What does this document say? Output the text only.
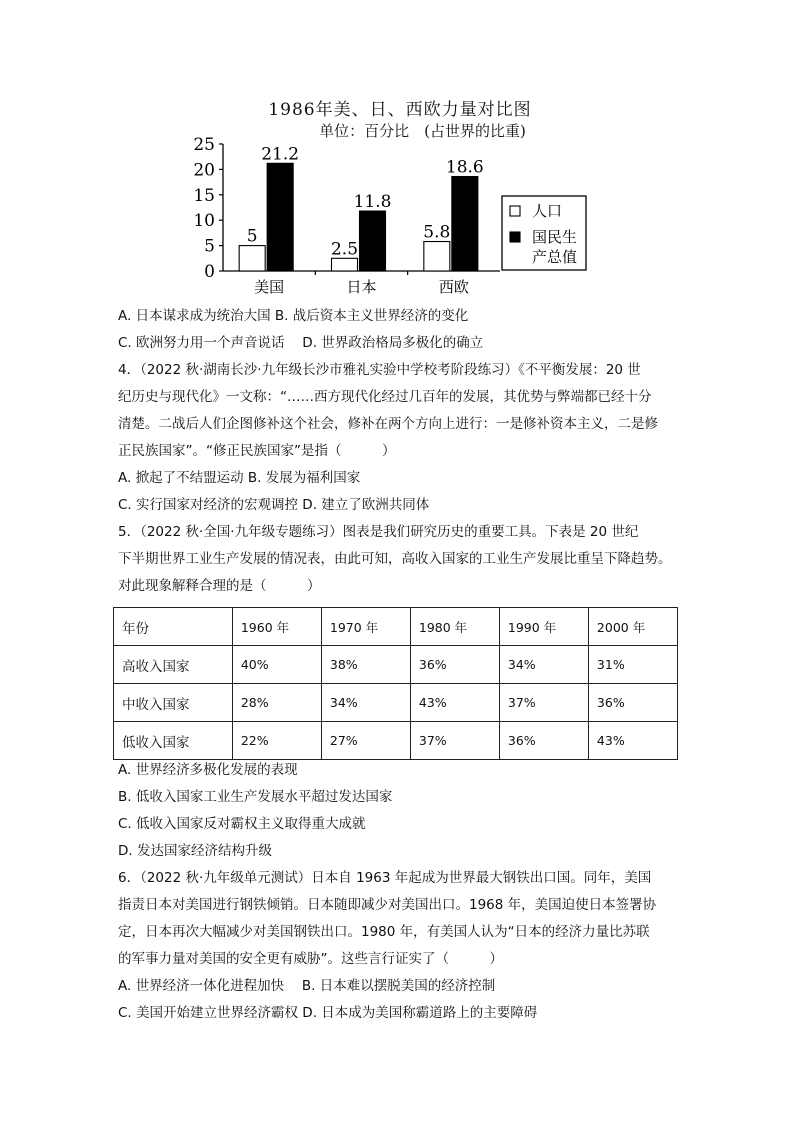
1986年美、日、西欧力量对比图
单位：百分比　(占世界的比重)
0
5
10
15
20
25
5
21.2
美国
2.5
11.8
日本
5.8
18.6
西欧
人口
国民生
产总值
A. 日本谋求成为统治大国 B. 战后资本主义世界经济的变化
C. 欧洲努力用一个声音说话　 D. 世界政治格局多极化的确立
4．（2022 秋·湖南长沙·九年级长沙市雅礼实验中学校考阶段练习）《不平衡发展：20 世
纪历史与现代化》一文称：“……西方现代化经过几百年的发展，其优势与弊端都已经十分
清楚。二战后人们企图修补这个社会，修补在两个方向上进行：一是修补资本主义，二是修
正民族国家”。“修正民族国家”是指（　　　）
A. 掀起了不结盟运动 B. 发展为福利国家
C. 实行国家对经济的宏观调控 D. 建立了欧洲共同体
5．（2022 秋·全国·九年级专题练习）图表是我们研究历史的重要工具。下表是 20 世纪
下半期世界工业生产发展的情况表，由此可知，高收入国家的工业生产发展比重呈下降趋势。
对此现象解释合理的是（　　　）
年份	1960 年	1970 年	1980 年	1990 年	2000 年
高收入国家	40%	38%	36%	34%	31%
中收入国家	28%	34%	43%	37%	36%
低收入国家	22%	27%	37%	36%	43%
A. 世界经济多极化发展的表现
B. 低收入国家工业生产发展水平超过发达国家
C. 低收入国家反对霸权主义取得重大成就
D. 发达国家经济结构升级
6．（2022 秋·九年级单元测试）日本自 1963 年起成为世界最大钢铁出口国。同年，美国
指责日本对美国进行钢铁倾销。日本随即减少对美国出口。1968 年，美国迫使日本签署协
定，日本再次大幅减少对美国钢铁出口。1980 年，有美国人认为“日本的经济力量比苏联
的军事力量对美国的安全更有威胁”。这些言行证实了（　　　）
A. 世界经济一体化进程加快　 B. 日本难以摆脱美国的经济控制
C. 美国开始建立世界经济霸权 D. 日本成为美国称霸道路上的主要障碍
